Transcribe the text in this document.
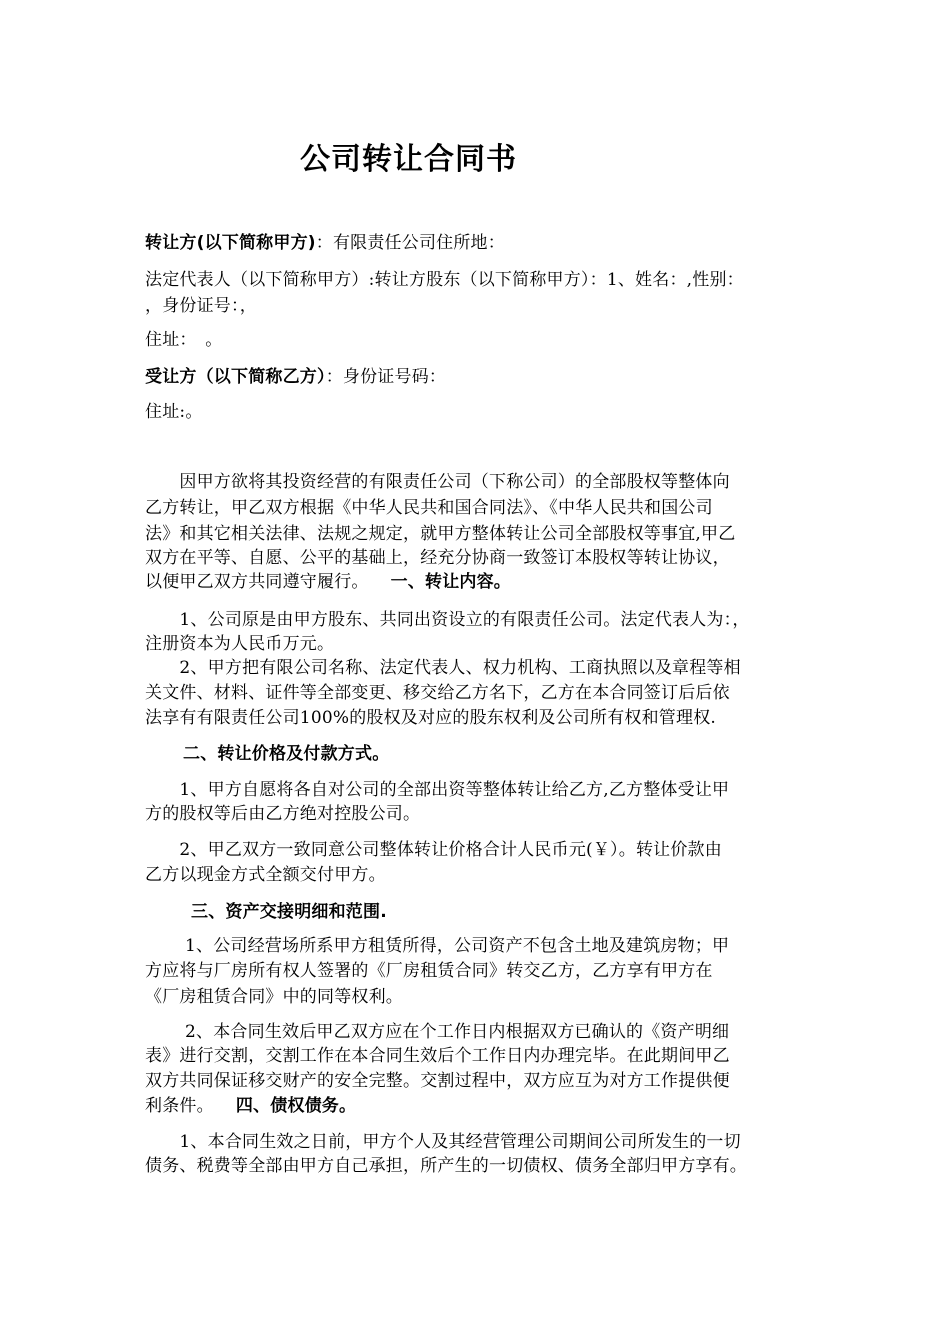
公司转让合同书
转让方(以下简称甲方)：有限责任公司住所地：
法定代表人（以下简称甲方）:转让方股东（以下简称甲方）：1、姓名：,性别：
，身份证号：，
住址：　。
受让方（以下简称乙方）：身份证号码：
住址:。
　　因甲方欲将其投资经营的有限责任公司（下称公司）的全部股权等整体向
乙方转让，甲乙双方根据《中华人民共和国合同法》、《中华人民共和国公司
法》和其它相关法律、法规之规定，就甲方整体转让公司全部股权等事宜,甲乙
双方在平等、自愿、公平的基础上，经充分协商一致签订本股权等转让协议，
以便甲乙双方共同遵守履行。 一、转让内容。
　　1、公司原是由甲方股东、共同出资设立的有限责任公司。法定代表人为：，
注册资本为人民币万元。
　　2、甲方把有限公司名称、法定代表人、权力机构、工商执照以及章程等相
关文件、材料、证件等全部变更、移交给乙方名下，乙方在本合同签订后后依
法享有有限责任公司100%的股权及对应的股东权利及公司所有权和管理权.
二、转让价格及付款方式。
　　1、甲方自愿将各自对公司的全部出资等整体转让给乙方,乙方整体受让甲
方的股权等后由乙方绝对控股公司。
　　2、甲乙双方一致同意公司整体转让价格合计人民币元(￥）。转让价款由
乙方以现金方式全额交付甲方。
三、资产交接明细和范围.
　　 1、公司经营场所系甲方租赁所得，公司资产不包含土地及建筑房物；甲
方应将与厂房所有权人签署的《厂房租赁合同》转交乙方，乙方享有甲方在
《厂房租赁合同》中的同等权利。
　　 2、本合同生效后甲乙双方应在个工作日内根据双方已确认的《资产明细
表》进行交割，交割工作在本合同生效后个工作日内办理完毕。在此期间甲乙
双方共同保证移交财产的安全完整。交割过程中，双方应互为对方工作提供便
利条件。 四、债权债务。
　　1、本合同生效之日前，甲方个人及其经营管理公司期间公司所发生的一切
债务、税费等全部由甲方自己承担，所产生的一切债权、债务全部归甲方享有。
